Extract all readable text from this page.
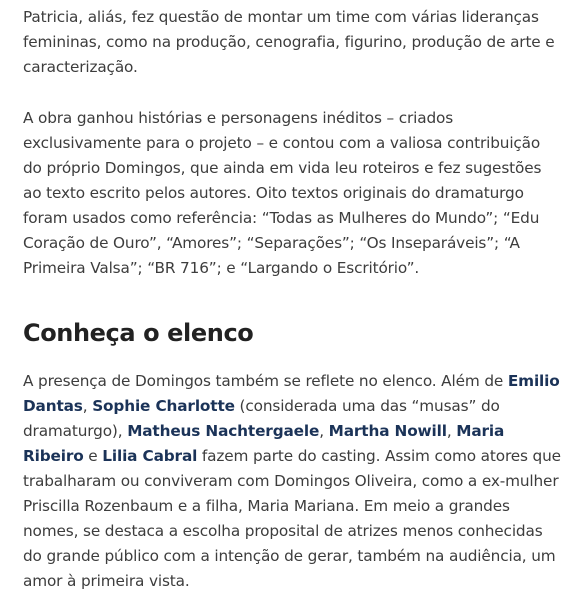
Patricia, aliás, fez questão de montar um time com várias lideranças femininas, como na produção, cenografia, figurino, produção de arte e caracterização.

A obra ganhou histórias e personagens inéditos – criados exclusivamente para o projeto – e contou com a valiosa contribuição do próprio Domingos, que ainda em vida leu roteiros e fez sugestões ao texto escrito pelos autores. Oito textos originais do dramaturgo foram usados como referência: “Todas as Mulheres do Mundo”; “Edu Coração de Ouro”, “Amores”; “Separações”; “Os Inseparáveis”; “A Primeira Valsa”; “BR 716”; e “Largando o Escritório”.

Conheça o elenco

A presença de Domingos também se reflete no elenco. Além de Emilio Dantas, Sophie Charlotte (considerada uma das “musas” do dramaturgo), Matheus Nachtergaele, Martha Nowill, Maria Ribeiro e Lilia Cabral fazem parte do casting. Assim como atores que trabalharam ou conviveram com Domingos Oliveira, como a ex-mulher Priscilla Rozenbaum e a filha, Maria Mariana. Em meio a grandes nomes, se destaca a escolha proposital de atrizes menos conhecidas do grande público com a intenção de gerar, também na audiência, um amor à primeira vista.
